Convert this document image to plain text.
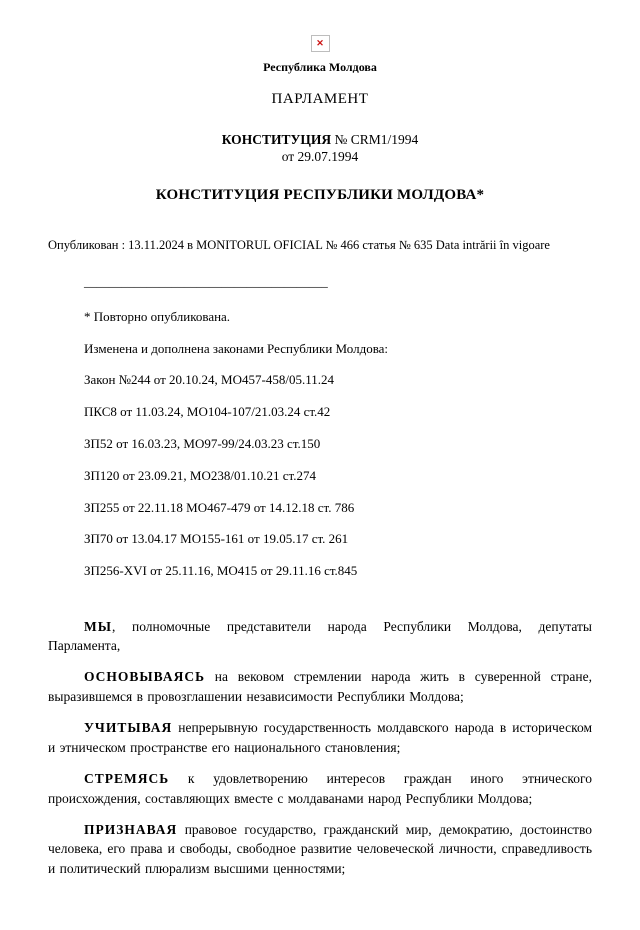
✕
Республика Молдова
ПАРЛАМЕНТ
КОНСТИТУЦИЯ № CRM1/1994
от 29.07.1994
КОНСТИТУЦИЯ РЕСПУБЛИКИ МОЛДОВА*
Опубликован : 13.11.2024 в MONITORUL OFICIAL № 466 статья № 635 Data intrării în vigoare
_______________________________________
* Повторно опубликована.
Изменена и дополнена законами Республики Молдова:
Закон №244 от 20.10.24, МО457-458/05.11.24
ПКС8 от 11.03.24, МО104-107/21.03.24 ст.42
ЗП52 от 16.03.23, МО97-99/24.03.23 ст.150
ЗП120 от 23.09.21, МО238/01.10.21 ст.274
ЗП255 от 22.11.18 МО467-479 от 14.12.18 ст. 786
ЗП70 от 13.04.17 МО155-161 от 19.05.17 ст. 261
ЗП256-XVI от 25.11.16, МО415 от 29.11.16 ст.845

МЫ, полномочные представители народа Республики Молдова, депутаты Парламента,

ОСНОВЫВАЯСЬ на вековом стремлении народа жить в суверенной стране, выразившемся в провозглашении независимости Республики Молдова;

УЧИТЫВАЯ непрерывную государственность молдавского народа в историческом и этническом пространстве его национального становления;

СТРЕМЯСЬ к удовлетворению интересов граждан иного этнического происхождения, составляющих вместе с молдаванами народ Республики Молдова;

ПРИЗНАВАЯ правовое государство, гражданский мир, демократию, достоинство человека, его права и свободы, свободное развитие человеческой личности, справедливость и политический плюрализм высшими ценностями;
